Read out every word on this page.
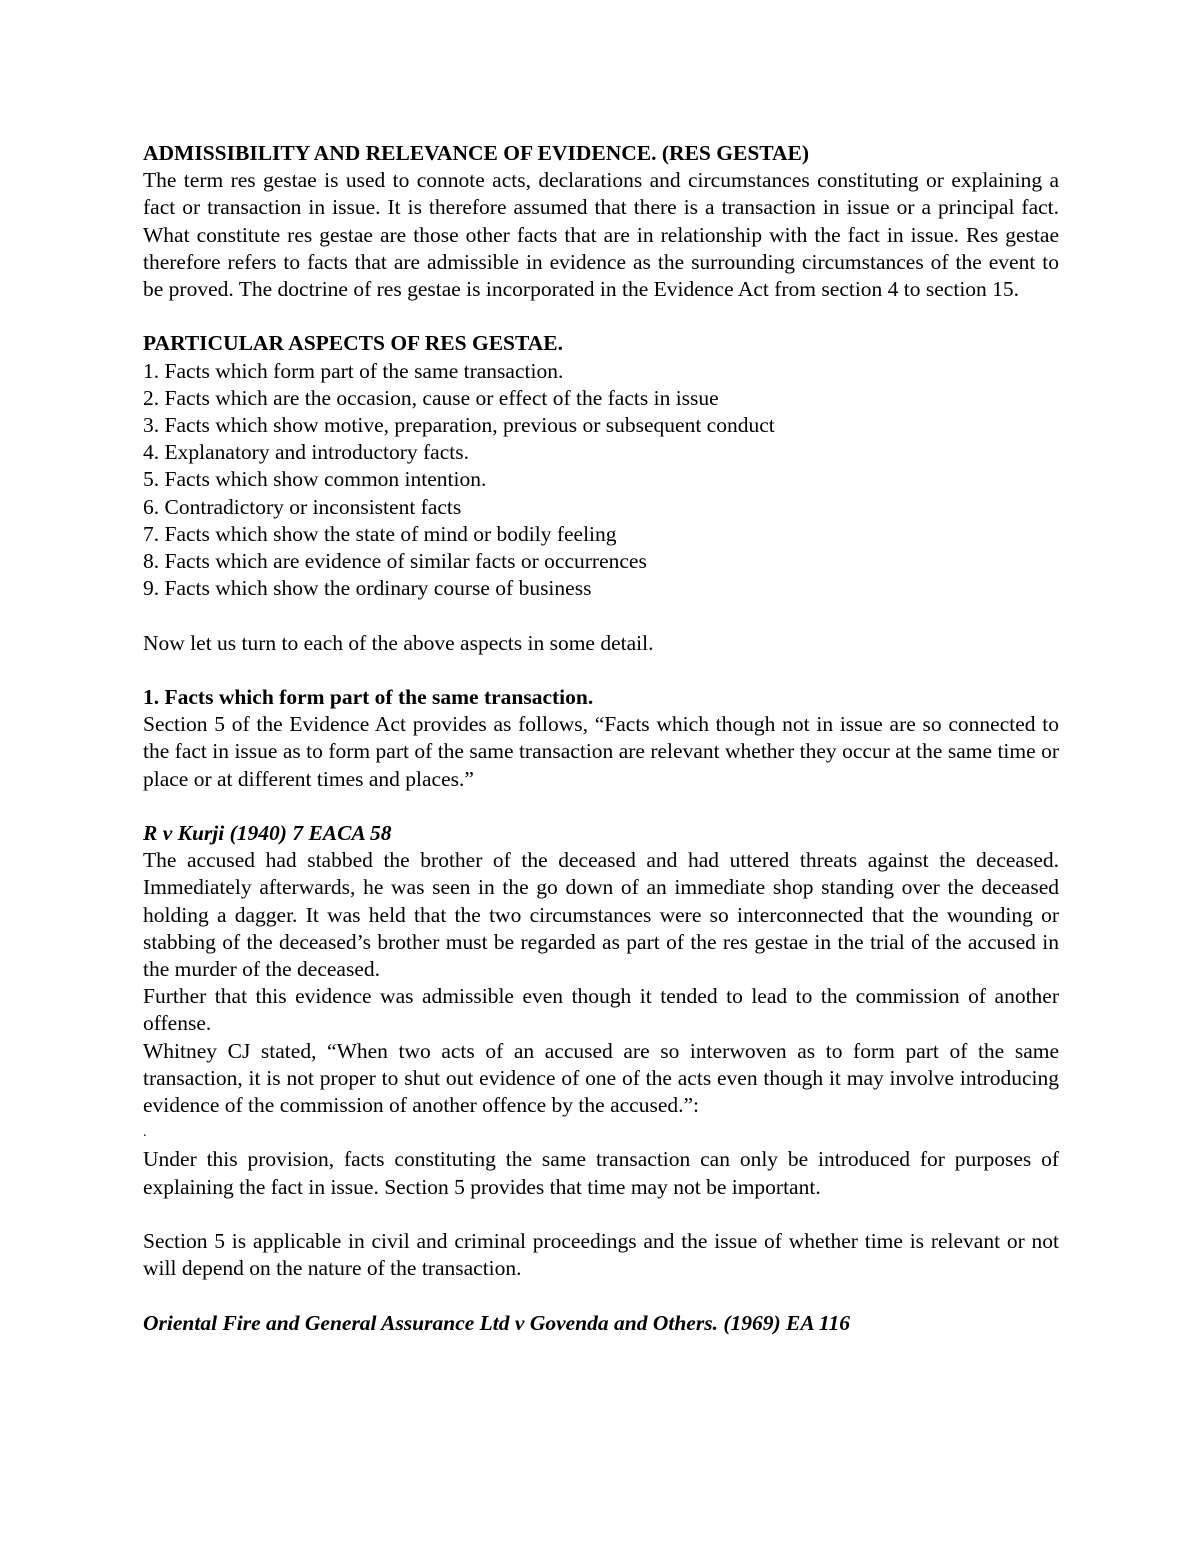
ADMISSIBILITY AND RELEVANCE OF EVIDENCE. (RES GESTAE)

The term res gestae is used to connote acts, declarations and circumstances constituting or explaining a fact or transaction in issue. It is therefore assumed that there is a transaction in issue or a principal fact. What constitute res gestae are those other facts that are in relationship with the fact in issue. Res gestae therefore refers to facts that are admissible in evidence as the surrounding circumstances of the event to be proved. The doctrine of res gestae is incorporated in the Evidence Act from section 4 to section 15.

PARTICULAR ASPECTS OF RES GESTAE.

1. Facts which form part of the same transaction.
2. Facts which are the occasion, cause or effect of the facts in issue
3. Facts which show motive, preparation, previous or subsequent conduct
4. Explanatory and introductory facts.
5. Facts which show common intention.
6. Contradictory or inconsistent facts
7. Facts which show the state of mind or bodily feeling
8. Facts which are evidence of similar facts or occurrences
9. Facts which show the ordinary course of business

Now let us turn to each of the above aspects in some detail.

1. Facts which form part of the same transaction.

Section 5 of the Evidence Act provides as follows, “Facts which though not in issue are so connected to the fact in issue as to form part of the same transaction are relevant whether they occur at the same time or place or at different times and places.”

R v Kurji (1940) 7 EACA 58

The accused had stabbed the brother of the deceased and had uttered threats against the deceased. Immediately afterwards, he was seen in the go down of an immediate shop standing over the deceased holding a dagger. It was held that the two circumstances were so interconnected that the wounding or stabbing of the deceased’s brother must be regarded as part of the res gestae in the trial of the accused in the murder of the deceased.

Further that this evidence was admissible even though it tended to lead to the commission of another offense.

Whitney CJ stated, “When two acts of an accused are so interwoven as to form part of the same transaction, it is not proper to shut out evidence of one of the acts even though it may involve introducing evidence of the commission of another offence by the accused.”:

.

Under this provision, facts constituting the same transaction can only be introduced for purposes of explaining the fact in issue. Section 5 provides that time may not be important.

Section 5 is applicable in civil and criminal proceedings and the issue of whether time is relevant or not will depend on the nature of the transaction.

Oriental Fire and General Assurance Ltd v Govenda and Others. (1969) EA 116
